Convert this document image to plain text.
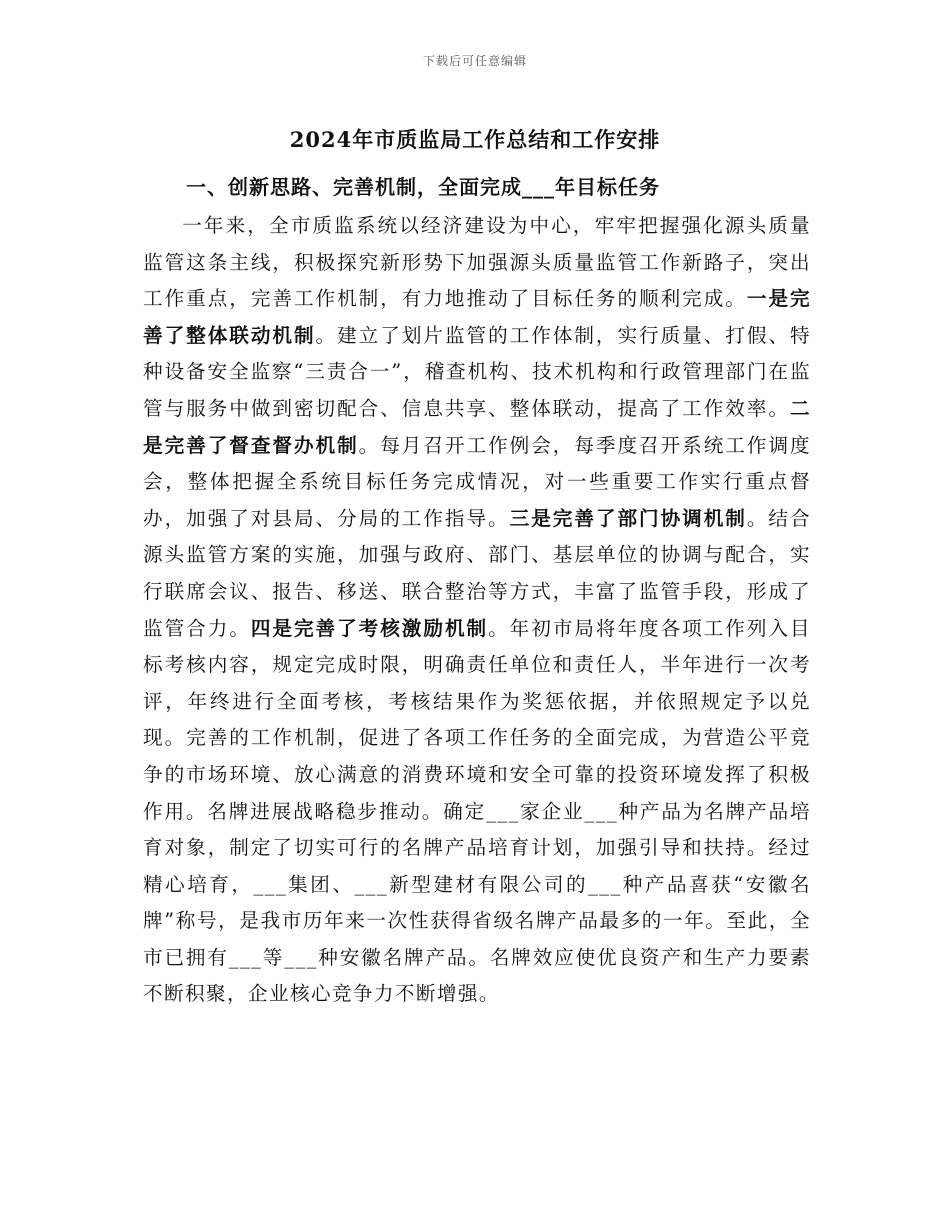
下载后可任意编辑
2024年市质监局工作总结和工作安排
一、创新思路、完善机制，全面完成___年目标任务
一年来，全市质监系统以经济建设为中心，牢牢把握强化源头质量监管这条主线，积极探究新形势下加强源头质量监管工作新路子，突出工作重点，完善工作机制，有力地推动了目标任务的顺利完成。一是完善了整体联动机制。建立了划片监管的工作体制，实行质量、打假、特种设备安全监察“三责合一”，稽查机构、技术机构和行政管理部门在监管与服务中做到密切配合、信息共享、整体联动，提高了工作效率。二是完善了督查督办机制。每月召开工作例会，每季度召开系统工作调度会，整体把握全系统目标任务完成情况，对一些重要工作实行重点督办，加强了对县局、分局的工作指导。三是完善了部门协调机制。结合源头监管方案的实施，加强与政府、部门、基层单位的协调与配合，实行联席会议、报告、移送、联合整治等方式，丰富了监管手段，形成了监管合力。四是完善了考核激励机制。年初市局将年度各项工作列入目标考核内容，规定完成时限，明确责任单位和责任人，半年进行一次考评，年终进行全面考核，考核结果作为奖惩依据，并依照规定予以兑现。完善的工作机制，促进了各项工作任务的全面完成，为营造公平竞争的市场环境、放心满意的消费环境和安全可靠的投资环境发挥了积极作用。名牌进展战略稳步推动。确定___家企业___种产品为名牌产品培育对象，制定了切实可行的名牌产品培育计划，加强引导和扶持。经过精心培育，___集团、___新型建材有限公司的___种产品喜获“安徽名牌”称号，是我市历年来一次性获得省级名牌产品最多的一年。至此，全市已拥有___等___种安徽名牌产品。名牌效应使优良资产和生产力要素不断积聚，企业核心竞争力不断增强。
